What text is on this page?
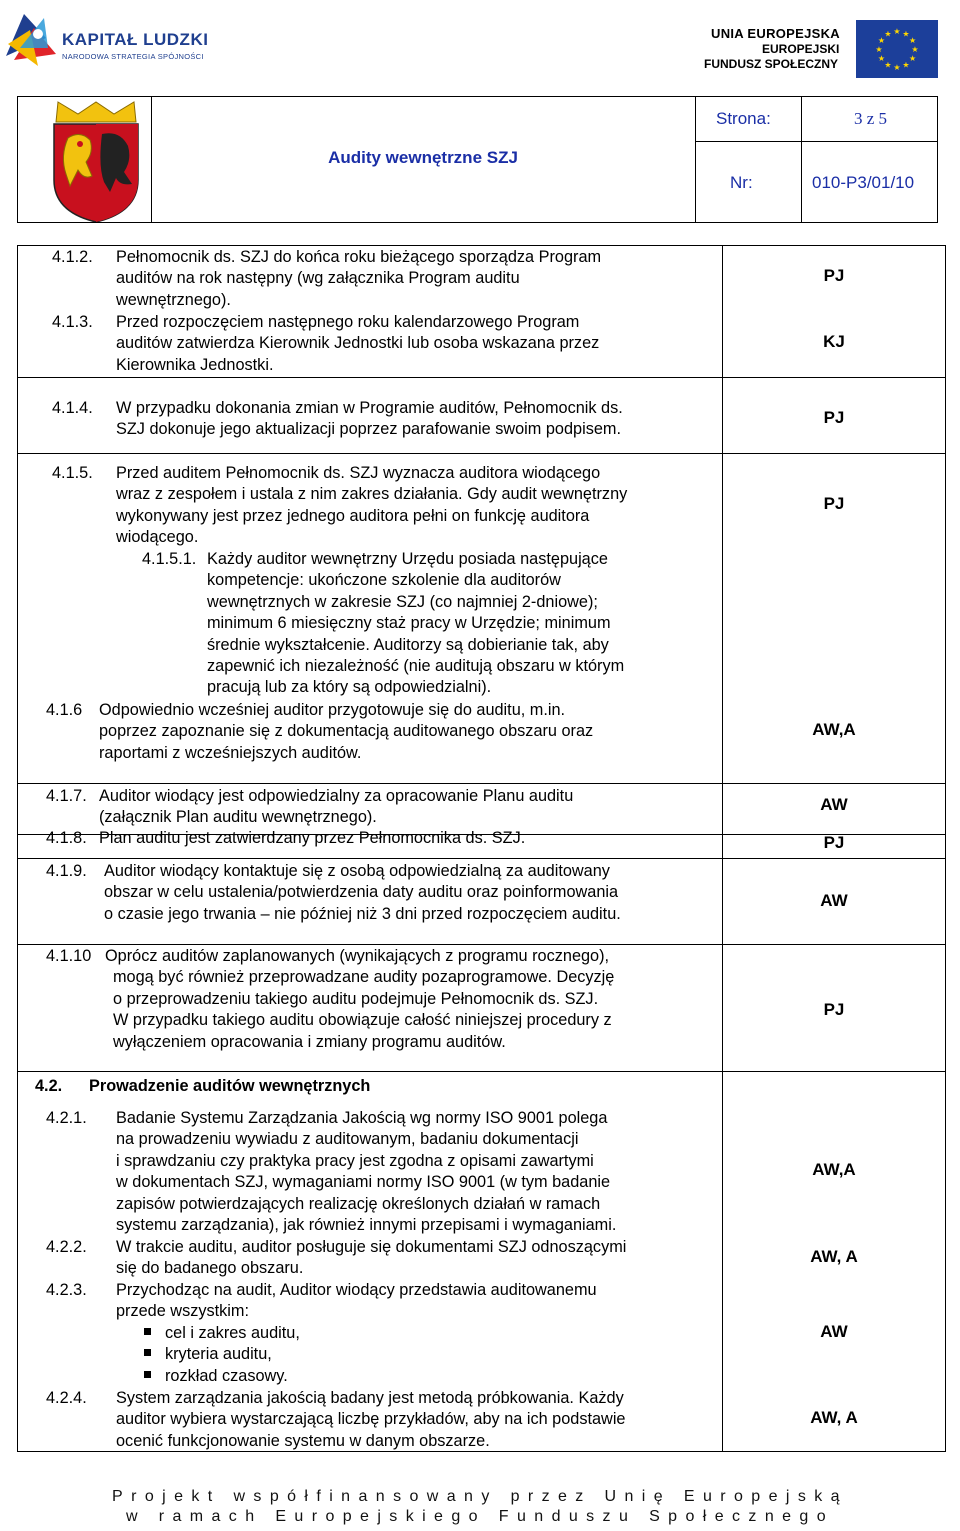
KAPITAŁ LUDZKI
NARODOWA STRATEGIA SPÓJNOŚCI
UNIA EUROPEJSKA
EUROPEJSKI
FUNDUSZ SPOŁECZNY
★ ★
★
★
★
★
★
★
★
★
★
★
Audity wewnętrzne SZJ
Strona:	3 z 5
Nr:	010-P3/01/10
4.1.2. Pełnomocnik ds. SZJ do końca roku bieżącego sporządza Program
auditów na rok następny (wg załącznika Program auditu
wewnętrznego).
PJ
4.1.3. Przed rozpoczęciem następnego roku kalendarzowego Program
auditów zatwierdza Kierownik Jednostki lub osoba wskazana przez
Kierownika Jednostki.
KJ
4.1.4. W przypadku dokonania zmian w Programie auditów, Pełnomocnik ds.
SZJ dokonuje jego aktualizacji poprzez parafowanie swoim podpisem.
PJ
4.1.5. Przed auditem Pełnomocnik ds. SZJ wyznacza auditora wiodącego
wraz z zespołem i ustala z nim zakres działania. Gdy audit wewnętrzny
wykonywany jest przez jednego auditora pełni on funkcję auditora
wiodącego.
PJ
4.1.5.1. Każdy auditor wewnętrzny Urzędu posiada następujące
kompetencje: ukończone szkolenie dla auditorów
wewnętrznych w zakresie SZJ (co najmniej 2-dniowe);
minimum 6 miesięczny staż pracy w Urzędzie; minimum
średnie wykształcenie. Auditorzy są dobierianie tak, aby
zapewnić ich niezależność (nie auditują obszaru w którym
pracują lub za który są odpowiedzialni).
4.1.6 Odpowiednio wcześniej auditor przygotowuje się do auditu, m.in.
poprzez zapoznanie się z dokumentacją auditowanego obszaru oraz
raportami z wcześniejszych auditów.
AW,A
4.1.7. Auditor wiodący jest odpowiedzialny za opracowanie Planu auditu
(załącznik Plan auditu wewnętrznego).
AW
4.1.8. Plan auditu jest zatwierdzany przez Pełnomocnika ds. SZJ.	PJ
4.1.9. Auditor wiodący kontaktuje się z osobą odpowiedzialną za auditowany
obszar w celu ustalenia/potwierdzenia daty auditu oraz poinformowania
o czasie jego trwania – nie później niż 3 dni przed rozpoczęciem auditu.
AW
4.1.10 Oprócz auditów zaplanowanych (wynikających z programu rocznego),
mogą być również przeprowadzane audity pozaprogramowe. Decyzję
o przeprowadzeniu takiego auditu podejmuje Pełnomocnik ds. SZJ.
W przypadku takiego auditu obowiązuje całość niniejszej procedury z
wyłączeniem opracowania i zmiany programu auditów.
PJ
4.2. Prowadzenie auditów wewnętrznych
4.2.1. Badanie Systemu Zarządzania Jakością wg normy ISO 9001 polega
na prowadzeniu wywiadu z auditowanym, badaniu dokumentacji
i sprawdzaniu czy praktyka pracy jest zgodna z opisami zawartymi
w dokumentach SZJ, wymaganiami normy ISO 9001 (w tym badanie
zapisów potwierdzających realizację określonych działań w ramach
systemu zarządzania), jak również innymi przepisami i wymaganiami.
AW,A
4.2.2. W trakcie auditu, auditor posługuje się dokumentami SZJ odnoszącymi
się do badanego obszaru.
AW, A
4.2.3. Przychodząc na audit, Auditor wiodący przedstawia auditowanemu
przede wszystkim:
cel i zakres auditu,
kryteria auditu,
rozkład czasowy.
AW
4.2.4. System zarządzania jakością badany jest metodą próbkowania. Każdy
auditor wybiera wystarczającą liczbę przykładów, aby na ich podstawie
ocenić funkcjonowanie systemu w danym obszarze.
AW, A
Projekt współfinansowany przez Unię Europejską
w ramach Europejskiego Funduszu Społecznego
